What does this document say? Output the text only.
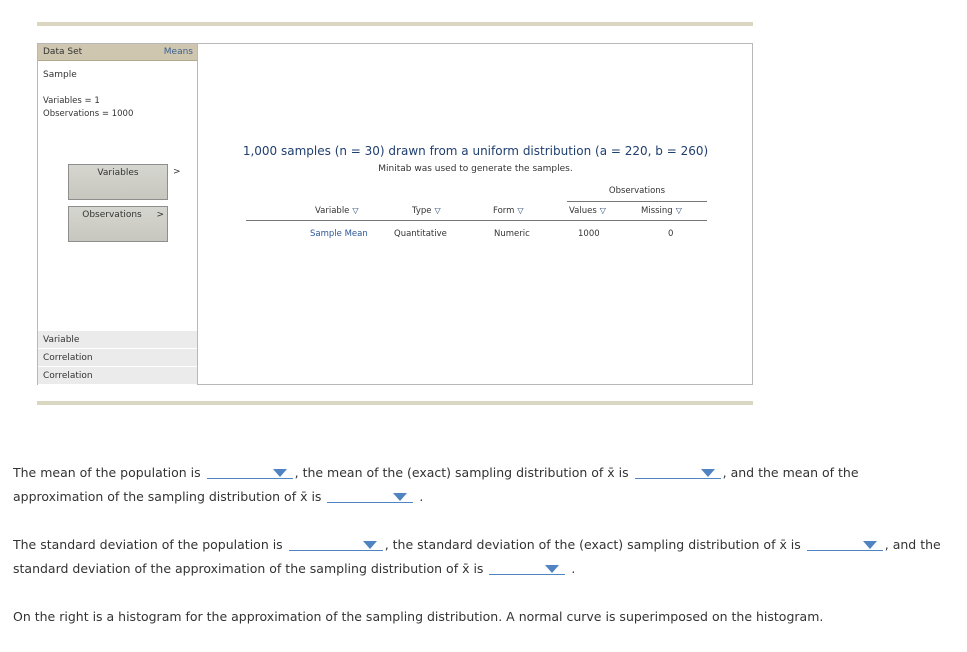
Data Set	Means
Sample
Variables = 1
Observations = 1000
Variables	>
Observations	>
Variable
Correlation
Correlation
1,000 samples (n = 30) drawn from a uniform distribution (a = 220, b = 260)
Minitab was used to generate the samples.
Observations
Variable ▽	Type ▽	Form ▽	Values ▽	Missing ▽
Sample Mean	Quantitative	Numeric	1000	0
The mean of the population is	, the mean of the (exact) sampling distribution of x̄ is	, and the mean of the
approximation of the sampling distribution of x̄ is	.
The standard deviation of the population is	, the standard deviation of the (exact) sampling distribution of x̄ is	, and the
standard deviation of the approximation of the sampling distribution of x̄ is	.
On the right is a histogram for the approximation of the sampling distribution. A normal curve is superimposed on the histogram.
